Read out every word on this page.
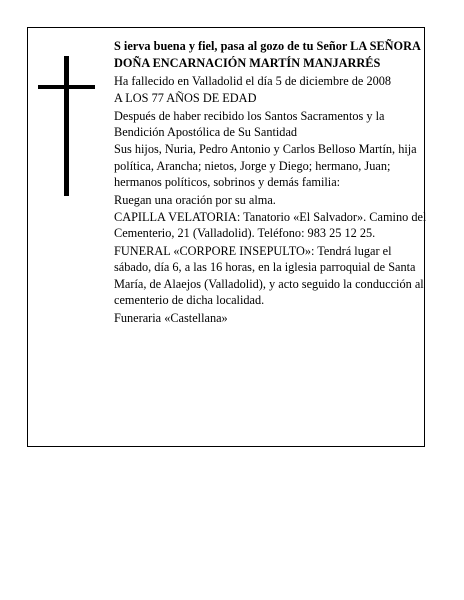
S ierva buena y fiel, pasa al gozo de tu Señor LA SEÑORA

DOÑA ENCARNACIÓN MARTÍN MANJARRÉS

Ha fallecido en Valladolid el día 5 de diciembre de 2008

A LOS 77 AÑOS DE EDAD

Después de haber recibido los Santos Sacramentos y la Bendición Apostólica de Su Santidad

Sus hijos, Nuria, Pedro Antonio y Carlos Belloso Martín, hija política, Arancha; nietos, Jorge y Diego; hermano, Juan; hermanos políticos, sobrinos y demás familia:

Ruegan una oración por su alma.

CAPILLA VELATORIA: Tanatorio «El Salvador». Camino del Cementerio, 21 (Valladolid). Teléfono: 983 25 12 25.

FUNERAL «CORPORE INSEPULTO»: Tendrá lugar el sábado, día 6, a las 16 horas, en la iglesia parroquial de Santa María, de Alaejos (Valladolid), y acto seguido la conducción al cementerio de dicha localidad.

Funeraria «Castellana»
